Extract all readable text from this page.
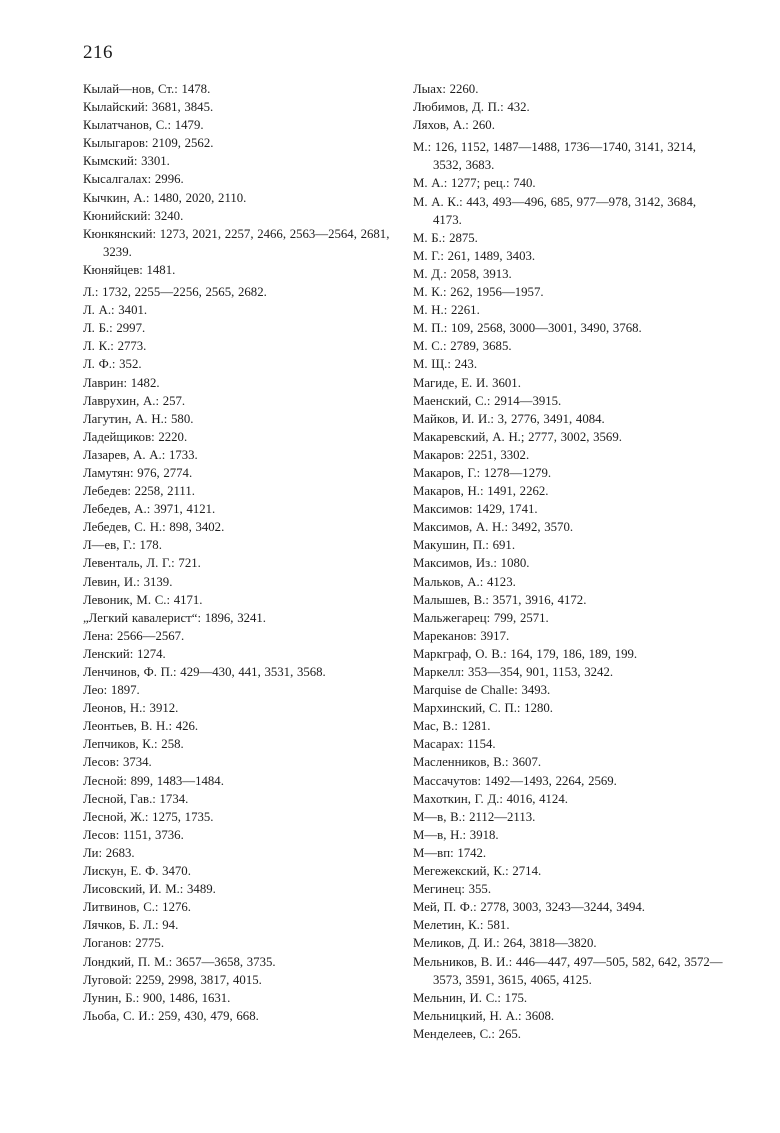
216
Кылай—нов, Ст.: 1478.
Кылайский: 3681, 3845.
Кылатчанов, С.: 1479.
Кылыгаров: 2109, 2562.
Кымский: 3301.
Кысалгалах: 2996.
Кычкин, А.: 1480, 2020, 2110.
Кюнийский: 3240.
Кюнкянский: 1273, 2021, 2257, 2466, 2563—2564, 2681, 3239.
Кюняйцев: 1481.
Л.: 1732, 2255—2256, 2565, 2682.
Л. А.: 3401.
Л. Б.: 2997.
Л. К.: 2773.
Л. Ф.: 352.
Лаврин: 1482.
Лаврухин, А.: 257.
Лагутин, А. Н.: 580.
Ладейщиков: 2220.
Лазарев, А. А.: 1733.
Ламутян: 976, 2774.
Лебедев: 2258, 2111.
Лебедев, А.: 3971, 4121.
Лебедев, С. Н.: 898, 3402.
Л—ев, Г.: 178.
Левенталь, Л. Г.: 721.
Левин, И.: 3139.
Левоник, М. С.: 4171.
„Легкий кавалерист“: 1896, 3241.
Лена: 2566—2567.
Ленский: 1274.
Ленчинов, Ф. П.: 429—430, 441, 3531, 3568.
Лео: 1897.
Леонов, Н.: 3912.
Леонтьев, В. Н.: 426.
Лепчиков, К.: 258.
Лесов: 3734.
Лесной: 899, 1483—1484.
Лесной, Гав.: 1734.
Лесной, Ж.: 1275, 1735.
Лесов: 1151, 3736.
Ли: 2683.
Лискун, Е. Ф. 3470.
Лисовский, И. М.: 3489.
Литвинов, С.: 1276.
Лячков, Б. Л.: 94.
Логанов: 2775.
Лондкий, П. М.: 3657—3658, 3735.
Луговой: 2259, 2998, 3817, 4015.
Лунин, Б.: 900, 1486, 1631.
Льоба, С. И.: 259, 430, 479, 668.
Лыах: 2260.
Любимов, Д. П.: 432.
Ляхов, А.: 260.
М.: 126, 1152, 1487—1488, 1736—1740, 3141, 3214, 3532, 3683.
М. А.: 1277; рец.: 740.
М. А. К.: 443, 493—496, 685, 977—978, 3142, 3684, 4173.
М. Б.: 2875.
М. Г.: 261, 1489, 3403.
М. Д.: 2058, 3913.
М. К.: 262, 1956—1957.
М. Н.: 2261.
М. П.: 109, 2568, 3000—3001, 3490, 3768.
М. С.: 2789, 3685.
М. Щ.: 243.
Магиде, Е. И. 3601.
Маенский, С.: 2914—3915.
Майков, И. И.: 3, 2776, 3491, 4084.
Макаревский, А. Н.; 2777, 3002, 3569.
Макаров: 2251, 3302.
Макаров, Г.: 1278—1279.
Макаров, Н.: 1491, 2262.
Максимов: 1429, 1741.
Максимов, А. Н.: 3492, 3570.
Макушин, П.: 691.
Максимов, Из.: 1080.
Мальков, А.: 4123.
Малышев, В.: 3571, 3916, 4172.
Мальжегарец: 799, 2571.
Мареканов: 3917.
Маркграф, О. В.: 164, 179, 186, 189, 199.
Маркелл: 353—354, 901, 1153, 3242.
Marquise de Challe: 3493.
Мархинский, С. П.: 1280.
Мас, В.: 1281.
Масарах: 1154.
Масленников, В.: 3607.
Массачутов: 1492—1493, 2264, 2569.
Махоткин, Г. Д.: 4016, 4124.
М—в, В.: 2112—2113.
М—в, Н.: 3918.
М—вп: 1742.
Мегежекский, К.: 2714.
Мегинец: 355.
Мей, П. Ф.: 2778, 3003, 3243—3244, 3494.
Мелетин, К.: 581.
Меликов, Д. И.: 264, 3818—3820.
Мельников, В. И.: 446—447, 497—505, 582, 642, 3572—3573, 3591, 3615, 4065, 4125.
Мельнин, И. С.: 175.
Мельницкий, Н. А.: 3608.
Менделеев, С.: 265.
